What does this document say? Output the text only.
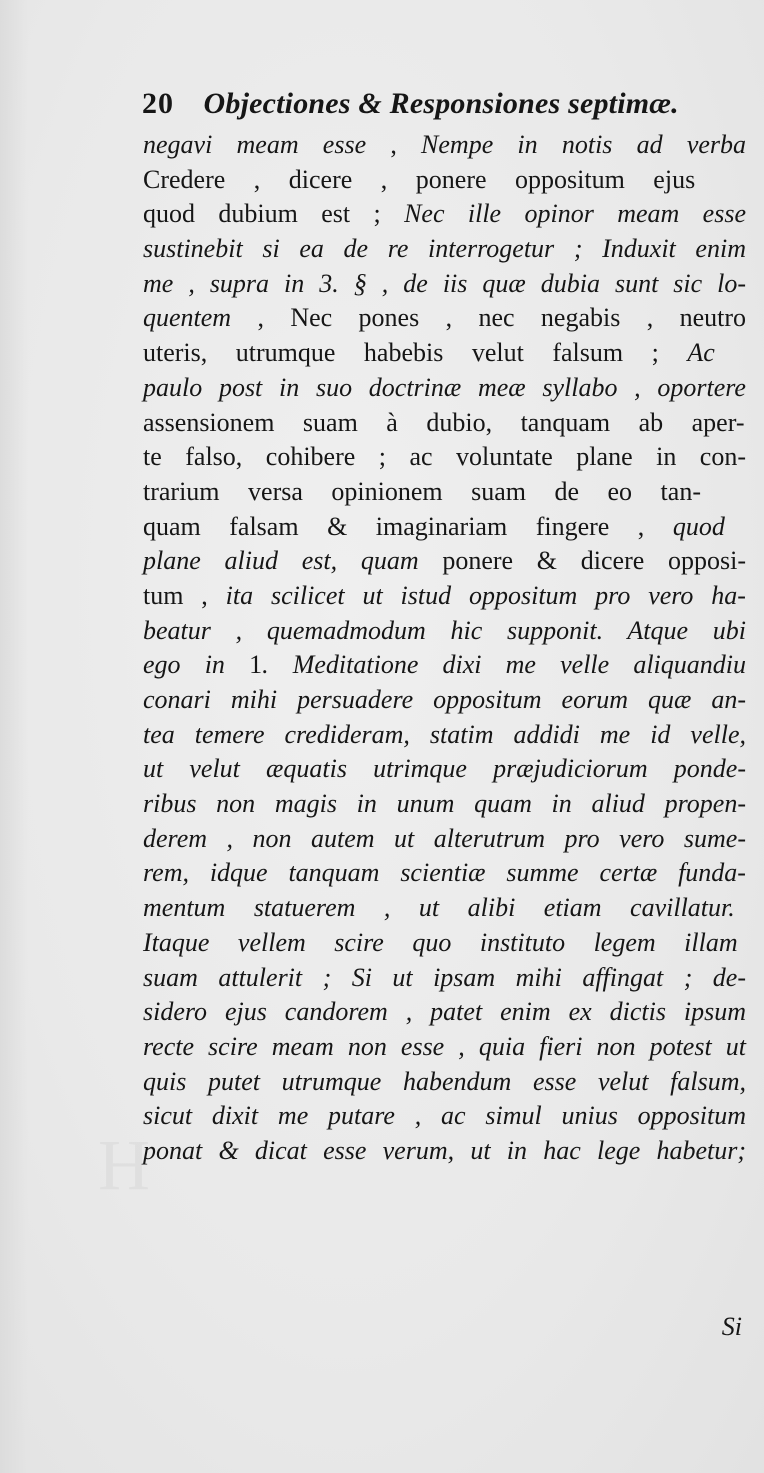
H
20 Objectiones & Responsiones septimæ.
negavi meam esse , Nempe in notis ad verba
Credere , dicere , ponere oppositum ejus
quod dubium est ; Nec ille opinor meam esse
sustinebit si ea de re interrogetur ; Induxit enim
me , supra in 3. § , de iis quæ dubia sunt sic lo-
quentem , Nec pones , nec negabis , neutro
uteris, utrumque habebis velut falsum ; Ac
paulo post in suo doctrinæ meæ syllabo , oportere
assensionem suam à dubio, tanquam ab aper-
te falso, cohibere ; ac voluntate plane in con-
trarium versa opinionem suam de eo tan-
quam falsam & imaginariam fingere , quod
plane aliud est, quam ponere & dicere opposi-
tum , ita scilicet ut istud oppositum pro vero ha-
beatur , quemadmodum hic supponit. Atque ubi
ego in 1. Meditatione dixi me velle aliquandiu
conari mihi persuadere oppositum eorum quæ an-
tea temere credideram, statim addidi me id velle,
ut velut æquatis utrimque præjudiciorum ponde-
ribus non magis in unum quam in aliud propen-
derem , non autem ut alterutrum pro vero sume-
rem, idque tanquam scientiæ summe certæ funda-
mentum statuerem , ut alibi etiam cavillatur.
Itaque vellem scire quo instituto legem illam
suam attulerit ; Si ut ipsam mihi affingat ; de-
sidero ejus candorem , patet enim ex dictis ipsum
recte scire meam non esse , quia fieri non potest ut
quis putet utrumque habendum esse velut falsum,
sicut dixit me putare , ac simul unius oppositum
ponat & dicat esse verum, ut in hac lege habetur;
Si
